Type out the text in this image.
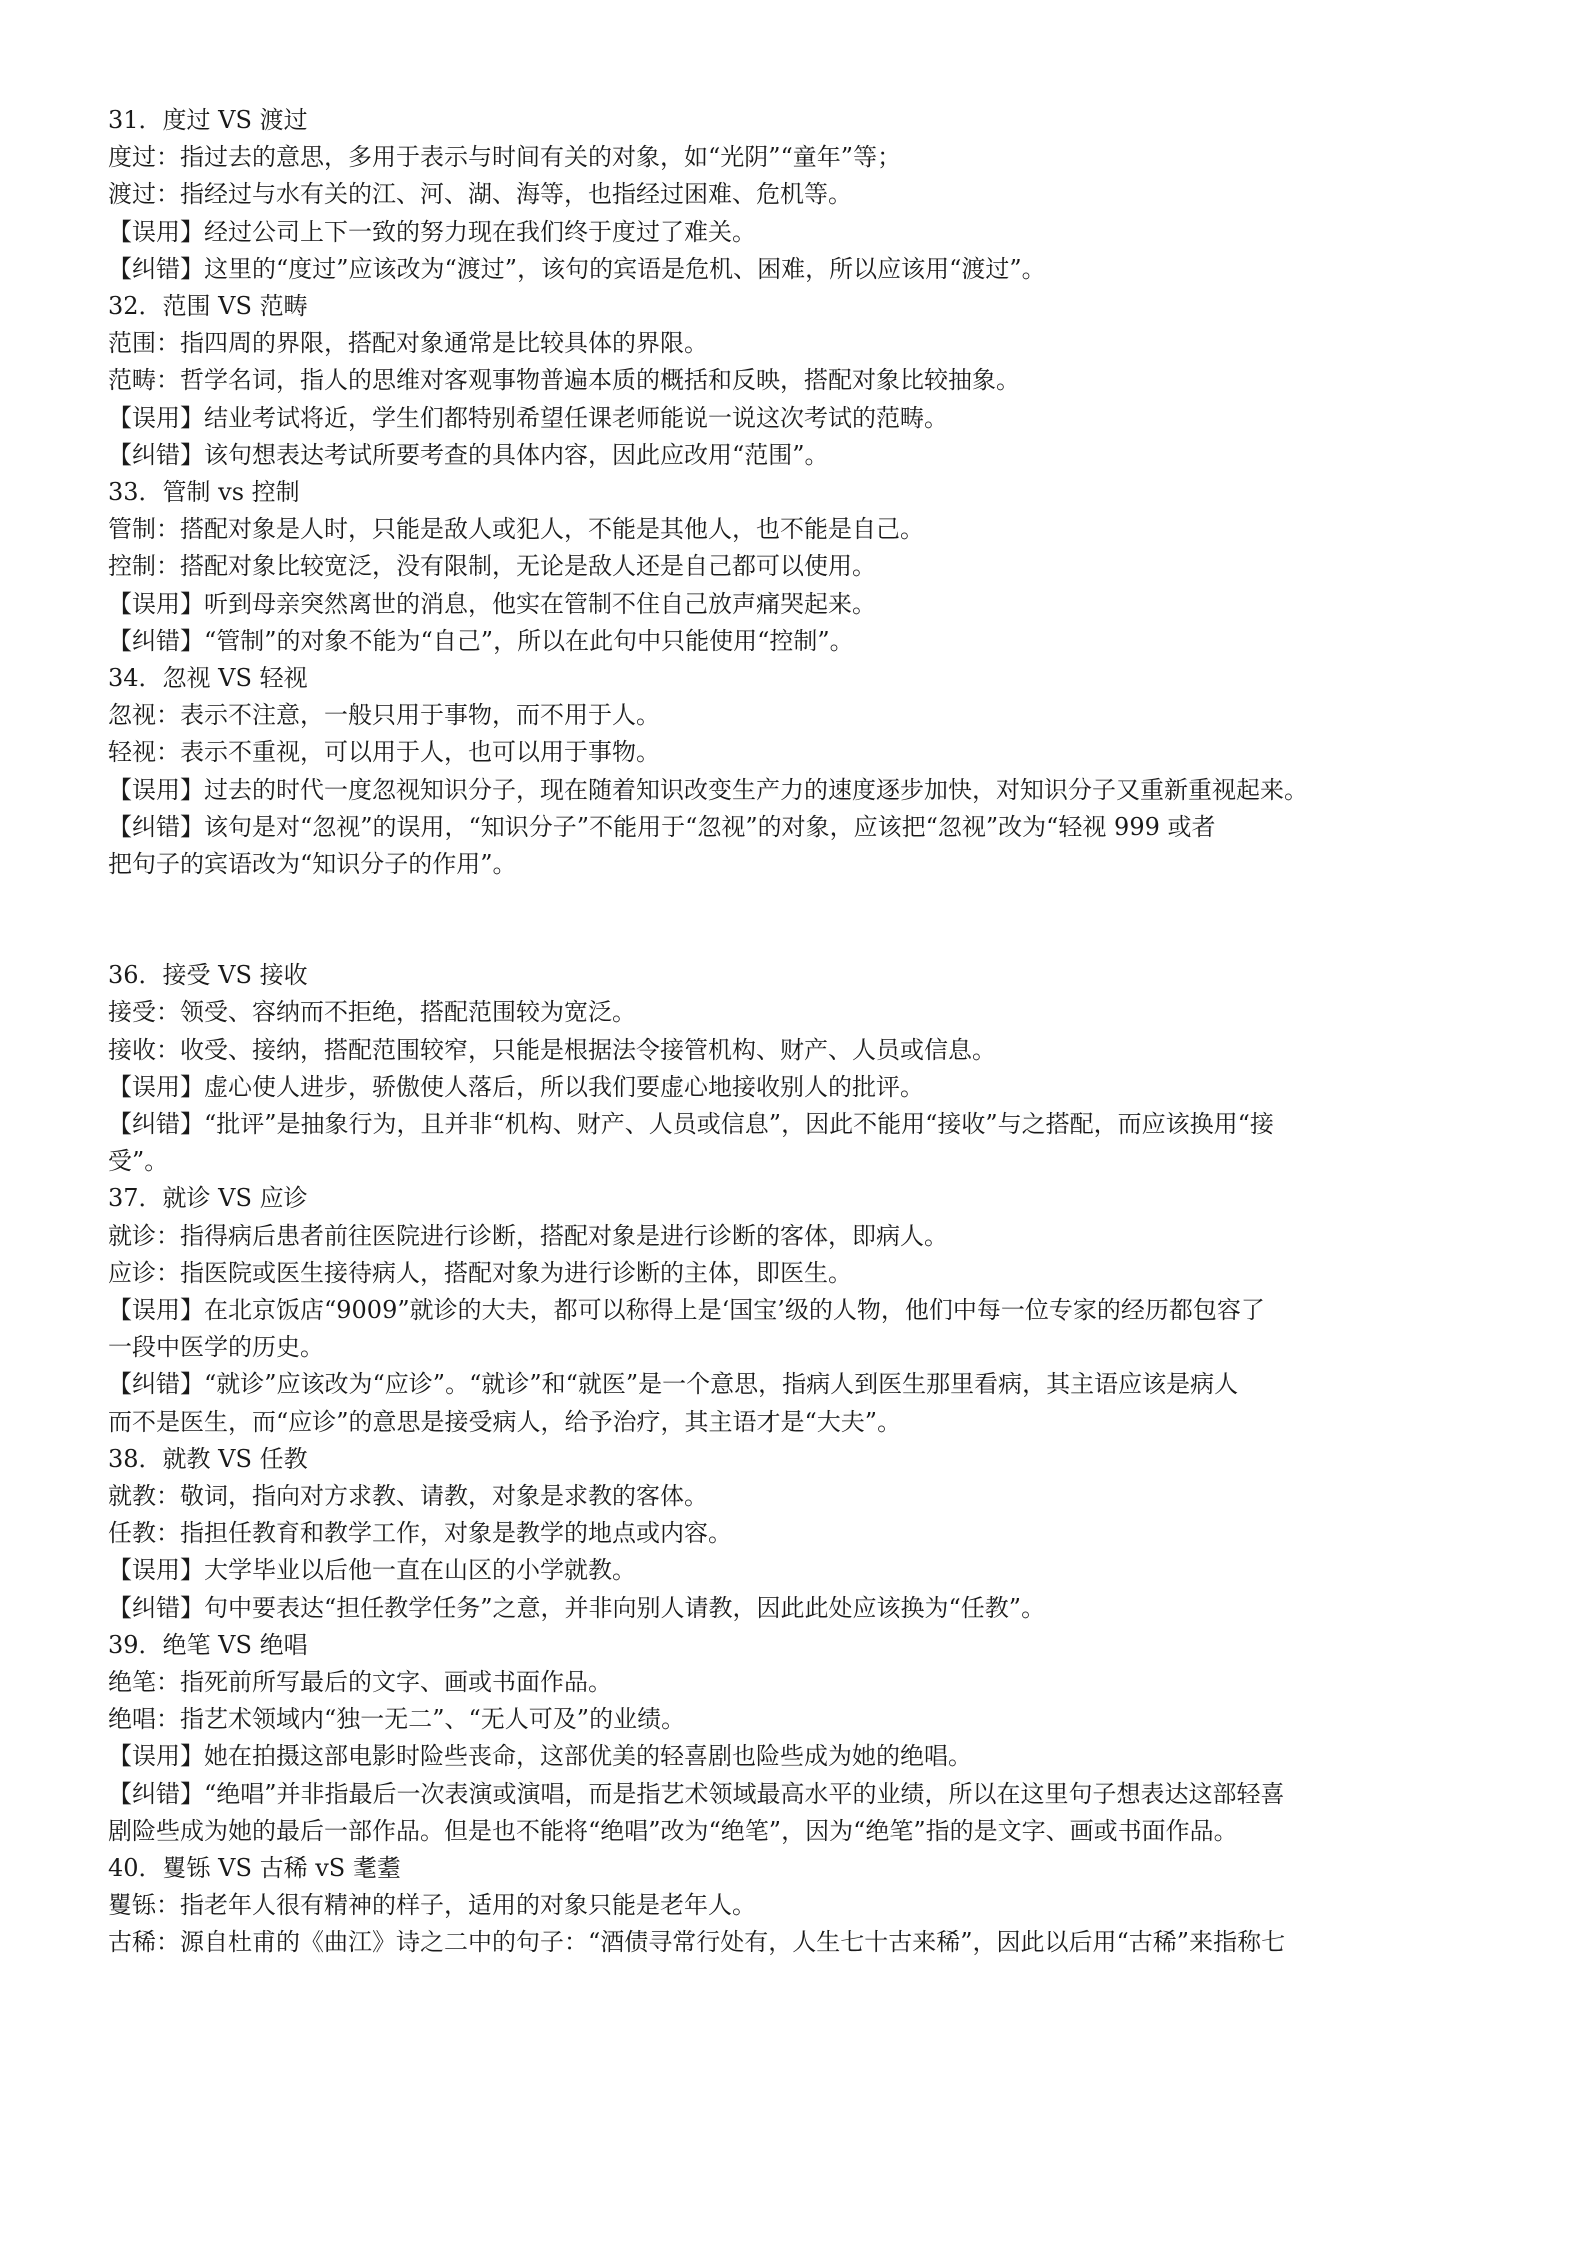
31．度过 VS 渡过
度过：指过去的意思，多用于表示与时间有关的对象，如“光阴”“童年”等；
渡过：指经过与水有关的江、河、湖、海等，也指经过困难、危机等。
【误用】经过公司上下一致的努力现在我们终于度过了难关。
【纠错】这里的“度过”应该改为“渡过”，该句的宾语是危机、困难，所以应该用“渡过”。
32．范围 VS 范畴
范围：指四周的界限，搭配对象通常是比较具体的界限。
范畴：哲学名词，指人的思维对客观事物普遍本质的概括和反映，搭配对象比较抽象。
【误用】结业考试将近，学生们都特别希望任课老师能说一说这次考试的范畴。
【纠错】该句想表达考试所要考查的具体内容，因此应改用“范围”。
33．管制 vs 控制
管制：搭配对象是人时，只能是敌人或犯人，不能是其他人，也不能是自己。
控制：搭配对象比较宽泛，没有限制，无论是敌人还是自己都可以使用。
【误用】听到母亲突然离世的消息，他实在管制不住自己放声痛哭起来。
【纠错】“管制”的对象不能为“自己”，所以在此句中只能使用“控制”。
34．忽视 VS 轻视
忽视：表示不注意，一般只用于事物，而不用于人。
轻视：表示不重视，可以用于人，也可以用于事物。
【误用】过去的时代一度忽视知识分子，现在随着知识改变生产力的速度逐步加快，对知识分子又重新重视起来。
【纠错】该句是对“忽视”的误用，“知识分子”不能用于“忽视”的对象，应该把“忽视”改为“轻视 999 或者
把句子的宾语改为“知识分子的作用”。
36．接受 VS 接收
接受：领受、容纳而不拒绝，搭配范围较为宽泛。
接收：收受、接纳，搭配范围较窄，只能是根据法令接管机构、财产、人员或信息。
【误用】虚心使人进步，骄傲使人落后，所以我们要虚心地接收别人的批评。
【纠错】“批评”是抽象行为，且并非“机构、财产、人员或信息”，因此不能用“接收”与之搭配，而应该换用“接
受”。
37．就诊 VS 应诊
就诊：指得病后患者前往医院进行诊断，搭配对象是进行诊断的客体，即病人。
应诊：指医院或医生接待病人，搭配对象为进行诊断的主体，即医生。
【误用】在北京饭店“9009”就诊的大夫，都可以称得上是‘国宝’级的人物，他们中每一位专家的经历都包容了
一段中医学的历史。
【纠错】“就诊”应该改为“应诊”。“就诊”和“就医”是一个意思，指病人到医生那里看病，其主语应该是病人
而不是医生，而“应诊”的意思是接受病人，给予治疗，其主语才是“大夫”。
38．就教 VS 任教
就教：敬词，指向对方求教、请教，对象是求教的客体。
任教：指担任教育和教学工作，对象是教学的地点或内容。
【误用】大学毕业以后他一直在山区的小学就教。
【纠错】句中要表达“担任教学任务”之意，并非向别人请教，因此此处应该换为“任教”。
39．绝笔 VS 绝唱
绝笔：指死前所写最后的文字、画或书面作品。
绝唱：指艺术领域内“独一无二”、“无人可及”的业绩。
【误用】她在拍摄这部电影时险些丧命，这部优美的轻喜剧也险些成为她的绝唱。
【纠错】“绝唱”并非指最后一次表演或演唱，而是指艺术领域最高水平的业绩，所以在这里句子想表达这部轻喜
剧险些成为她的最后一部作品。但是也不能将“绝唱”改为“绝笔”，因为“绝笔”指的是文字、画或书面作品。
40．矍铄 VS 古稀 vS 耄耋
矍铄：指老年人很有精神的样子，适用的对象只能是老年人。
古稀：源自杜甫的《曲江》诗之二中的句子：“酒债寻常行处有，人生七十古来稀”，因此以后用“古稀”来指称七
